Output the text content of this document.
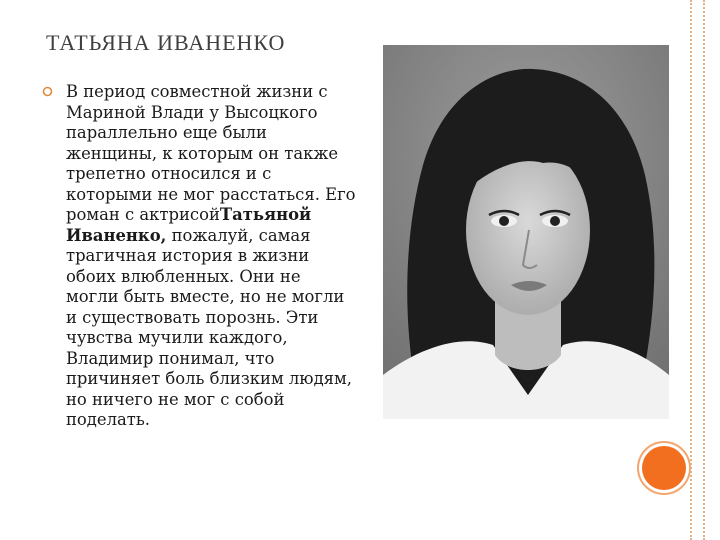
ТАТЬЯНА ИВАНЕНКО
В период совместной жизни с Мариной Влади у Высоцкого параллельно еще были женщины, к которым он также трепетно относился и с которыми не мог расстаться. Его роман с актрисойТатьяной Иваненко, пожалуй, самая трагичная история в жизни обоих влюбленных. Они не могли быть вместе, но не могли и существовать порознь. Эти чувства мучили каждого, Владимир понимал, что причиняет боль близким людям, но ничего не мог с собой поделать.
